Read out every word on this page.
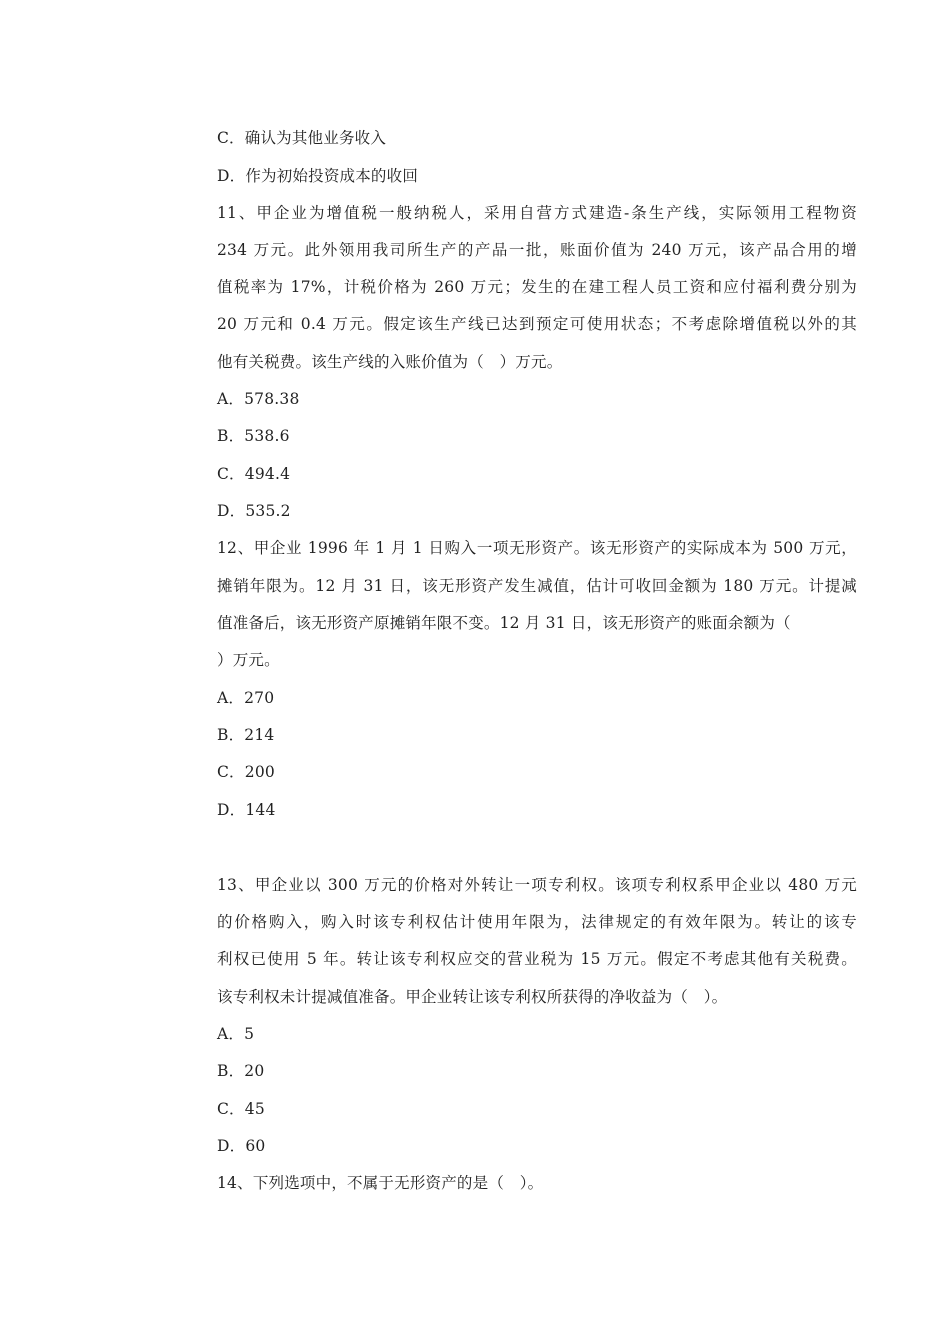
C．确认为其他业务收入
D．作为初始投资成本的收回
11、甲企业为增值税一般纳税人，采用自营方式建造-条生产线，实际领用工程物资
234 万元。此外领用我司所生产的产品一批，账面价值为 240 万元，该产品合用的增
值税率为 17%，计税价格为 260 万元；发生的在建工程人员工资和应付福利费分别为
20 万元和 0.4 万元。假定该生产线已达到预定可使用状态；不考虑除增值税以外的其
他有关税费。该生产线的入账价值为（　）万元。
A．578.38
B．538.6
C．494.4
D．535.2
12、甲企业 1996 年 1 月 1 日购入一项无形资产。该无形资产的实际成本为 500 万元，
摊销年限为。12 月 31 日，该无形资产发生减值，估计可收回金额为 180 万元。计提减
值准备后，该无形资产原摊销年限不变。12 月 31 日，该无形资产的账面余额为（
）万元。
A．270
B．214
C．200
D．144
13、甲企业以 300 万元的价格对外转让一项专利权。该项专利权系甲企业以 480 万元
的价格购入，购入时该专利权估计使用年限为，法律规定的有效年限为。转让的该专
利权已使用 5 年。转让该专利权应交的营业税为 15 万元。假定不考虑其他有关税费。
该专利权未计提减值准备。甲企业转让该专利权所获得的净收益为（　）。
A．5
B．20
C．45
D．60
14、下列选项中，不属于无形资产的是（　）。
